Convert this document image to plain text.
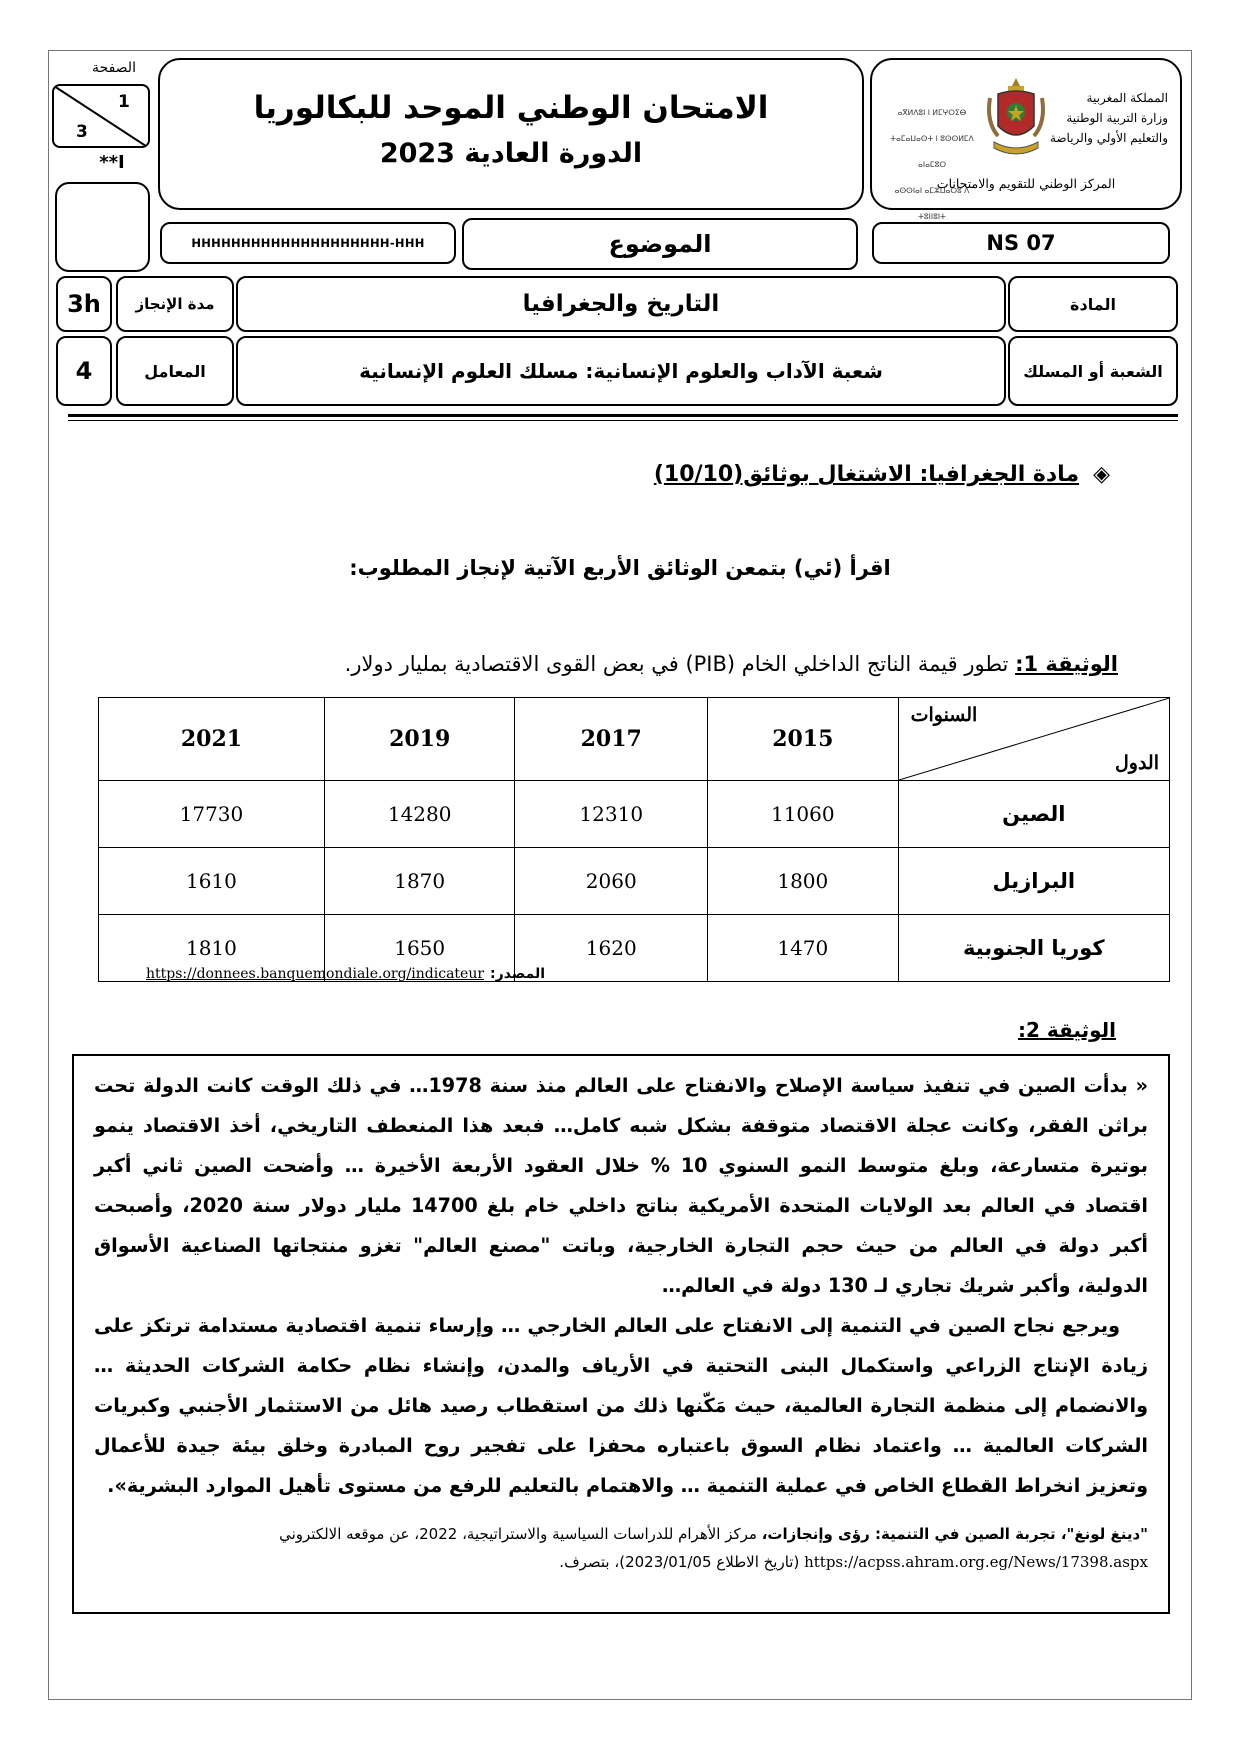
الصفحة
1
3
**I
الامتحان الوطني الموحد للبكالوريا
الدورة العادية 2023
ⴰⴳⵍⴷⵓⵏ ⵏ ⵍⵎⵖⵔⵉⴱ
ⵜⴰⵎⴰⵡⴰⵙⵜ ⵏ ⵓⵙⵙⵍⵎⴷ ⴰⵏⴰⵎⵓⵔ
ⴰⵙⵙⵏⴰⵏ ⴰⵎⵣⵡⴰⵔⵓ ⴷ ⵜⵓⵏⵏⵓⵏⵜ
المملكة المغربية
وزارة التربية الوطنية
والتعليم الأولي والرياضة
المركز الوطني للتقويم والامتحانات
HHHHHHHHHHHHHHHHHHHH-HHH	الموضوع	NS 07
3h مدة الإنجاز	التاريخ والجغرافيا	المادة
4	المعامل	شعبة الآداب والعلوم الإنسانية: مسلك العلوم الإنسانية	الشعبة أو المسلك
◈
مادة الجغرافيا: الاشتغال بوثائق(10/10)
اقرأ (ئي) بتمعن الوثائق الأربع الآتية لإنجاز المطلوب:
الوثيقة 1: تطور قيمة الناتج الداخلي الخام (PIB) في بعض القوى الاقتصادية بمليار دولار.
2021	2019	2017	2015	السنوات
الدول

17730	14280	12310	11060	الصين
1610	1870	2060	1800	البرازيل
1810	1650	1620	1470	كوريا الجنوبية
https://donnees.banquemondiale.org/indicateur المصدر:
الوثيقة 2:

« بدأت الصين في تنفيذ سياسة الإصلاح والانفتاح على العالم منذ سنة 1978… في ذلك الوقت كانت الدولة تحت براثن الفقر، وكانت عجلة الاقتصاد متوقفة بشكل شبه كامل… فبعد هذا المنعطف التاريخي، أخذ الاقتصاد ينمو بوتيرة متسارعة، وبلغ متوسط النمو السنوي 10 % خلال العقود الأربعة الأخيرة … وأضحت الصين ثاني أكبر اقتصاد في العالم بعد الولايات المتحدة الأمريكية بناتج داخلي خام بلغ 14700 مليار دولار سنة 2020، وأصبحت أكبر دولة في العالم من حيث حجم التجارة الخارجية، وباتت "مصنع العالم" تغزو منتجاتها الصناعية الأسواق الدولية، وأكبر شريك تجاري لـ 130 دولة في العالم…

ويرجع نجاح الصين في التنمية إلى الانفتاح على العالم الخارجي … وإرساء تنمية اقتصادية مستدامة ترتكز على زيادة الإنتاج الزراعي واستكمال البنى التحتية في الأرياف والمدن، وإنشاء نظام حكامة الشركات الحديثة … والانضمام إلى منظمة التجارة العالمية، حيث مَكّنها ذلك من استقطاب رصيد هائل من الاستثمار الأجنبي وكبريات الشركات العالمية … واعتماد نظام السوق باعتباره محفزا على تفجير روح المبادرة وخلق بيئة جيدة للأعمال وتعزيز انخراط القطاع الخاص في عملية التنمية … والاهتمام بالتعليم للرفع من مستوى تأهيل الموارد البشرية».

"دينغ لونغ"، تجربة الصين في التنمية: رؤى وإنجازات، مركز الأهرام للدراسات السياسية والاستراتيجية، 2022، عن موقعه الالكتروني https://acpss.ahram.org.eg/News/17398.aspx (تاريخ الاطلاع 2023/01/05)، بتصرف.
